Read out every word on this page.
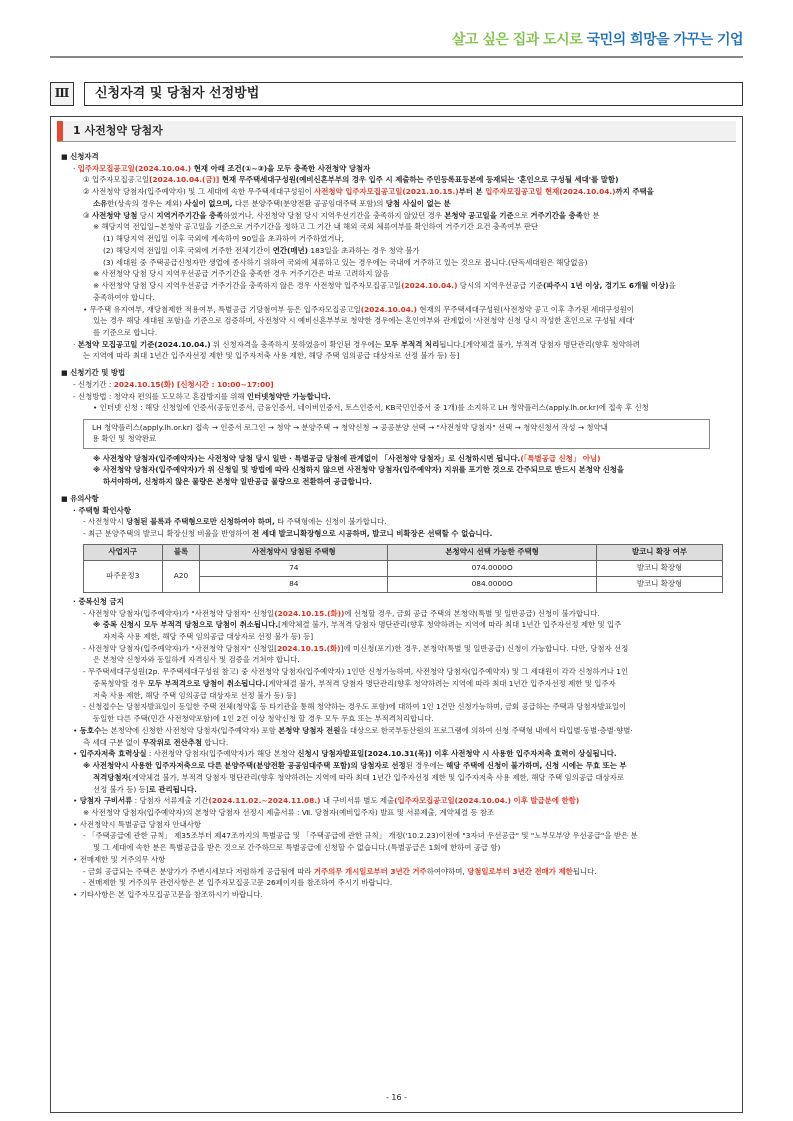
살고 싶은 집과 도시로 국민의 희망을 가꾸는 기업
Ⅲ	신청자격 및 당첨자 선정방법
1 사전청약 당첨자
■ 신청자격
· 입주자모집공고일(2024.10.04.) 현재 아래 조건(①~③)을 모두 충족한 사전청약 당첨자
① 입주자모집공고일[2024.10.04.(금)] 현재 무주택세대구성원(예비신혼부부의 경우 입주 시 제출하는 주민등록표등본에 등재되는 '혼인으로 구성될 세대'를 말함)
② 사전청약 당첨자(입주예약자) 및 그 세대에 속한 무주택세대구성원이 사전청약 입주자모집공고일(2021.10.15.)부터 본 입주자모집공고일 현재(2024.10.04.)까지 주택을
소유한(상속의 경우는 제외) 사실이 없으며, 다른 분양주택(분양전환 공공임대주택 포함)의 당첨 사실이 없는 분
③ 사전청약 당첨 당시 지역거주기간을 충족하였거나, 사전청약 당첨 당시 지역우선기간을 충족하지 않았던 경우 본청약 공고일을 기준으로 거주기간을 충족한 분
※ 해당지역 전입일~본청약 공고일을 기준으로 거주기간을 정하고 그 기간 내 해외 국외 체류여부를 확인하여 거주기간 요건 충족여부 판단
(1) 해당지역 전입일 이후 국외에 계속하여 90일을 초과하여 거주하였거나,
(2) 해당지역 전입일 이후 국외에 거주한 전체기간이 연간(매년) 183일을 초과하는 경우 청약 불가
(3) 세대원 중 주택공급신청자만 생업에 종사하기 위하여 국외에 체류하고 있는 경우에는 국내에 거주하고 있는 것으로 봅니다.(단독세대원은 해당없음)
※ 사전청약 당첨 당시 지역우선공급 거주기간을 충족한 경우 거주기간은 따로 고려하지 않음
※ 사전청약 당첨 당시 지역우선공급 거주기간을 충족하지 않은 경우 사전청약 입주자모집공고일(2024.10.04.) 당시의 지역우선공급 기준(파주시 1년 이상, 경기도 6개월 이상)을
충족하여야 합니다.
• 무주택 유지여부, 재당첨제한 적용여부, 특별공급 기당첨여부 등은 입주자모집공고일(2024.10.04.) 현재의 무주택세대구성원(사전청약 공고 이후 추가된 세대구성원이
있는 경우 해당 세대원 포함)을 기준으로 검증하며, 사전청약 시 예비신혼부부로 청약한 경우에는 혼인여부와 관계없이 '사전청약 신청 당시 작성한 혼인으로 구성될 세대'
를 기준으로 합니다.
· 본청약 모집공고일 기준(2024.10.04.) 위 신청자격을 충족하지 못하였음이 확인된 경우에는 모두 부적격 처리됩니다.[계약체결 불가, 부적격 당첨자 명단관리(향후 청약하려
는 지역에 따라 최대 1년간 입주자선정 제한 및 입주자저축 사용 제한, 해당 주택 임의공급 대상자로 선정 불가 등) 등]
■ 신청기간 및 방법
- 신청기간 : 2024.10.15(화) [신청시간 : 10:00~17:00]
- 신청방법 : 청약자 편의를 도모하고 혼잡방지를 위해 인터넷청약만 가능합니다.
• 인터넷 신청 : 해당 신청일에 인증서(공동인증서, 금융인증서, 네이버인증서, 토스인증서, KB국민인증서 중 1개)를 소지하고 LH 청약플러스(apply.lh.or.kr)에 접속 후 신청
LH 청약플러스(apply.lh.or.kr) 접속 → 인증서 로그인 → 청약 → 분양주택 → 청약신청 → 공공분양 선택 → "사전청약 당첨자" 선택 → 청약신청서 작성 → 청약내
용 확인 및 청약완료
※ 사전청약 당첨자(입주예약자)는 사전청약 당첨 당시 일반 · 특별공급 당첨에 관계없이 「사전청약 당첨자」로 신청하시면 됩니다.(「특별공급 신청」 아님)
※ 사전청약 당첨자(입주예약자)가 위 신청일 및 방법에 따라 신청하지 않으면 사전청약 당첨자(입주예약자) 지위를 포기한 것으로 간주되므로 반드시 본청약 신청을
하셔야하며, 신청하지 않은 물량은 본청약 일반공급 물량으로 전환하여 공급합니다.
■ 유의사항
· 주택형 확인사항
- 사전청약시 당첨된 블록과 주택형으로만 신청하여야 하며, 타 주택형에는 신청이 불가합니다.
- 최근 분양주택의 발코니 확장신청 비율을 반영하여 전 세대 발코니확장형으로 시공하며, 발코니 비확장은 선택할 수 없습니다.
사업지구	블록	사전청약시 당첨된 주택형	본청약시 선택 가능한 주택형	발코니 확장 여부
파주운정3	A20	74	074.0000O	발코니 확장형
		84	084.0000O	발코니 확장형
· 중복신청 금지
- 사전청약 당첨자(입주예약자)가 "사전청약 당첨자" 신청일(2024.10.15.(화))에 신청할 경우, 금회 공급 주택의 본청약(특별 및 일반공급) 신청이 불가합니다.
※ 중복 신청시 모두 부적격 당첨으로 당첨이 취소됩니다.[계약체결 불가, 부적격 당첨자 명단관리(향후 청약하려는 지역에 따라 최대 1년간 입주자선정 제한 및 입주
자저축 사용 제한, 해당 주택 임의공급 대상자로 선정 불가 등) 등]
- 사전청약 당첨자(입주예약자)가 "사전청약 당첨자" 신청일[2024.10.15.(화)]에 미신청(포기)한 경우, 본청약(특별 및 일반공급) 신청이 가능합니다. 다만, 당첨자 선정
은 본청약 신청자와 동일하게 자격심사 및 검증을 거쳐야 합니다.
- 무주택세대구성원(2p. 무주택세대구성원 참고) 중 사전청약 당첨자(입주예약자) 1인만 신청가능하며, 사전청약 당첨자(입주예약자) 및 그 세대원이 각각 신청하거나 1인
중복청약할 경우 모두 부적격으로 당첨이 취소됩니다.[계약체결 불가, 부적격 당첨자 명단관리(향후 청약하려는 지역에 따라 최대 1년간 입주자선정 제한 및 입주자
저축 사용 제한, 해당 주택 임의공급 대상자로 선정 불가 등) 등]
- 신청접수는 당첨자발표일이 동일한 주택 전체(청약홈 등 타기관을 통해 청약하는 경우도 포함)에 대하여 1인 1건만 신청가능하며, 금회 공급하는 주택과 당첨자발표일이
동일한 다른 주택(민간 사전청약포함)에 1인 2건 이상 청약신청 할 경우 모두 무효 또는 부적격처리합니다.
• 동호수는 본청약에 신청한 사전청약 당첨자(입주예약자) 포함 본청약 당첨자 전원을 대상으로 한국부동산원의 프로그램에 의하여 신청 주택형 내에서 타입별·동별·층별·향별·
측 세대 구분 없이 무작위로 전산추첨 합니다.
• 입주자저축 효력상실 : 사전청약 당첨자(입주예약자)가 해당 본청약 신청시 당첨자발표일[2024.10.31(목)] 이후 사전청약 시 사용한 입주자저축 효력이 상실됩니다.
※ 사전청약시 사용한 입주자저축으로 다른 분양주택(분양전환 공공임대주택 포함)의 당첨자로 선정된 경우에는 해당 주택에 신청이 불가하며, 신청 시에는 무효 또는 부
적격당첨자[계약체결 불가, 부적격 당첨자 명단관리(향후 청약하려는 지역에 따라 최대 1년간 입주자선정 제한 및 입주자저축 사용 제한, 해당 주택 임의공급 대상자로
선정 불가 등) 등]로 관리됩니다.
• 당첨자 구비서류 : 당첨자 서류제출 기간(2024.11.02.~2024.11.08.) 내 구비서류 별도 제출(입주자모집공고일(2024.10.04.) 이후 발급분에 한함)
※ 사전청약 당첨자(입주예약자)의 본청약 당첨자 선정시 제출서류 : Ⅶ. 당첨자(예비입주자) 발표 및 서류제출, 계약체결 등 참조
• 사전청약시 특별공급 당첨자 안내사항
- 「주택공급에 관한 규칙」 제35조부터 제47조까지의 특별공급 및 「주택공급에 관한 규칙」 개정('10.2.23)이전에 "3자녀 우선공급" 및 "노부모부양 우선공급"을 받은 분
및 그 세대에 속한 분은 특별공급을 받은 것으로 간주하므로 특별공급에 신청할 수 없습니다.(특별공급은 1회에 한하여 공급 함)
• 전매제한 및 거주의무 사항
- 금회 공급되는 주택은 분양가가 주변시세보다 저렴하게 공급됨에 따라 거주의무 개시일로부터 3년간 거주하여야하며, 당첨일로부터 3년간 전매가 제한됩니다.
- 전매제한 및 거주의무 관련사항은 본 입주자모집공고문 26페이지를 참조하여 주시기 바랍니다.
• 기타사항은 본 입주자모집공고문을 참조하시기 바랍니다.
- 16 -
